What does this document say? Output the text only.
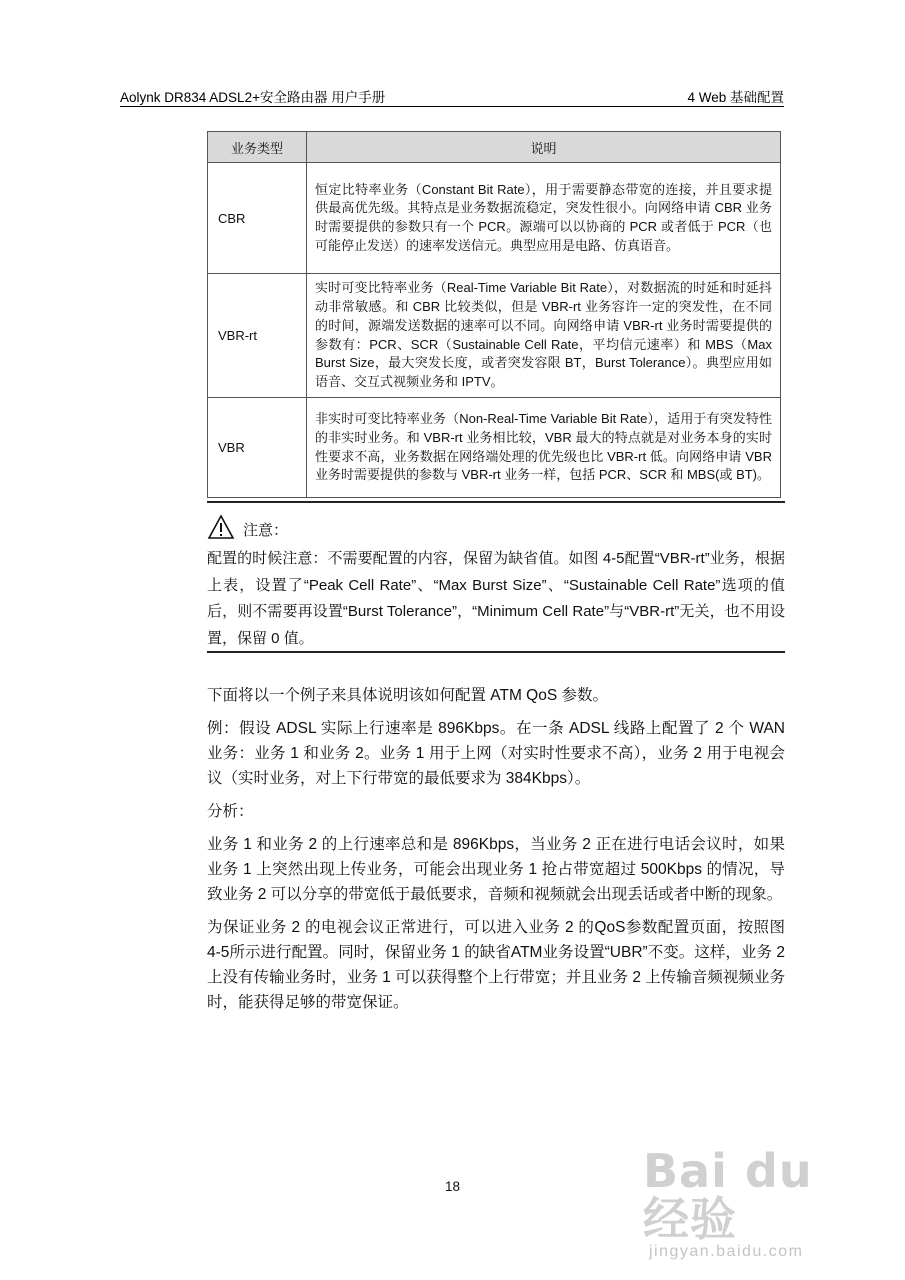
Aolynk DR834 ADSL2+安全路由器 用户手册	4 Web 基础配置
业务类型	说明
CBR	恒定比特率业务（Constant Bit Rate），用于需要静态带宽的连接，并且要求提供最高优先级。其特点是业务数据流稳定，突发性很小。向网络申请 CBR 业务时需要提供的参数只有一个 PCR。源端可以以协商的 PCR 或者低于 PCR（也可能停止发送）的速率发送信元。典型应用是电路、仿真语音。
VBR-rt	实时可变比特率业务（Real-Time Variable Bit Rate），对数据流的时延和时延抖动非常敏感。和 CBR 比较类似，但是 VBR-rt 业务容许一定的突发性，在不同的时间，源端发送数据的速率可以不同。向网络申请 VBR-rt 业务时需要提供的参数有：PCR、SCR（Sustainable Cell Rate，平均信元速率）和 MBS（Max Burst Size，最大突发长度，或者突发容限 BT，Burst Tolerance）。典型应用如语音、交互式视频业务和 IPTV。
VBR	非实时可变比特率业务（Non-Real-Time Variable Bit Rate），适用于有突发特性的非实时业务。和 VBR-rt 业务相比较，VBR 最大的特点就是对业务本身的实时性要求不高，业务数据在网络端处理的优先级也比 VBR-rt 低。向网络申请 VBR 业务时需要提供的参数与 VBR-rt 业务一样，包括 PCR、SCR 和 MBS(或 BT)。
注意：
配置的时候注意：不需要配置的内容，保留为缺省值。如图 4-5配置“VBR-rt”业务，根据上表，设置了“Peak Cell Rate”、“Max Burst Size”、“Sustainable Cell Rate”选项的值后，则不需要再设置“Burst Tolerance”，“Minimum Cell Rate”与“VBR-rt”无关，也不用设置，保留 0 值。

下面将以一个例子来具体说明该如何配置 ATM QoS 参数。

例：假设 ADSL 实际上行速率是 896Kbps。在一条 ADSL 线路上配置了 2 个 WAN 业务：业务 1 和业务 2。业务 1 用于上网（对实时性要求不高），业务 2 用于电视会议（实时业务，对上下行带宽的最低要求为 384Kbps）。

分析：

业务 1 和业务 2 的上行速率总和是 896Kbps，当业务 2 正在进行电话会议时，如果业务 1 上突然出现上传业务，可能会出现业务 1 抢占带宽超过 500Kbps 的情况，导致业务 2 可以分享的带宽低于最低要求，音频和视频就会出现丢话或者中断的现象。

为保证业务 2 的电视会议正常进行，可以进入业务 2 的QoS参数配置页面，按照图 4-5所示进行配置。同时，保留业务 1 的缺省ATM业务设置“UBR”不变。这样，业务 2 上没有传输业务时，业务 1 可以获得整个上行带宽；并且业务 2 上传输音频视频业务时，能获得足够的带宽保证。

18	Bai du 经验
jingyan.baidu.com
